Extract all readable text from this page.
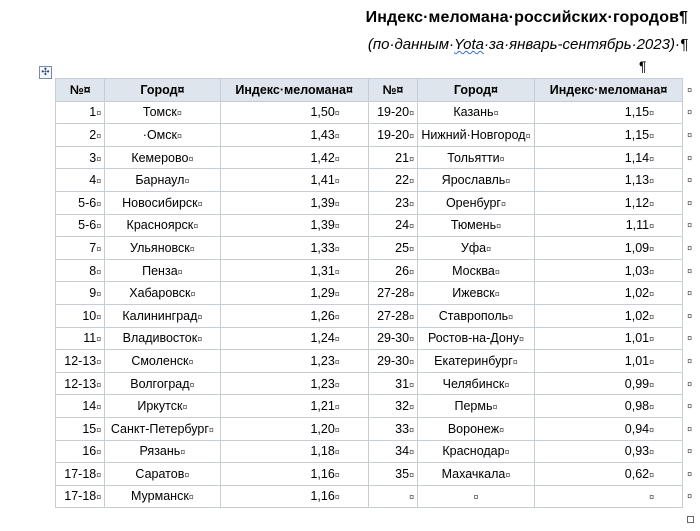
Индекс·меломана·российских·городов¶
(по·данным·Yota·за·январь-сентябрь·2023)·¶
¶
✣
№¤	Город¤	Индекс·меломана¤	№¤	Город¤	Индекс·меломана¤	¤
1¤	Томск¤	1,50¤	19-20¤	Казань¤	1,15¤	¤
2¤	·Омск¤	1,43¤	19-20¤	Нижний·Новгород¤	1,15¤	¤
3¤	Кемерово¤	1,42¤	21¤	Тольятти¤	1,14¤	¤
4¤	Барнаул¤	1,41¤	22¤	Ярославль¤	1,13¤	¤
5-6¤	Новосибирск¤	1,39¤	23¤	Оренбург¤	1,12¤	¤
5-6¤	Красноярск¤	1,39¤	24¤	Тюмень¤	1,11¤	¤
7¤	Ульяновск¤	1,33¤	25¤	Уфа¤	1,09¤	¤
8¤	Пенза¤	1,31¤	26¤	Москва¤	1,03¤	¤
9¤	Хабаровск¤	1,29¤	27-28¤	Ижевск¤	1,02¤	¤
10¤	Калининград¤	1,26¤	27-28¤	Ставрополь¤	1,02¤	¤
11¤	Владивосток¤	1,24¤	29-30¤	Ростов-на-Дону¤	1,01¤	¤
12-13¤	Смоленск¤	1,23¤	29-30¤	Екатеринбург¤	1,01¤	¤
12-13¤	Волгоград¤	1,23¤	31¤	Челябинск¤	0,99¤	¤
14¤	Иркутск¤	1,21¤	32¤	Пермь¤	0,98¤	¤
15¤	Санкт-Петербург¤	1,20¤	33¤	Воронеж¤	0,94¤	¤
16¤	Рязань¤	1,18¤	34¤	Краснодар¤	0,93¤	¤
17-18¤	Саратов¤	1,16¤	35¤	Махачкала¤	0,62¤	¤
17-18¤	Мурманск¤	1,16¤	¤	¤	¤	¤
